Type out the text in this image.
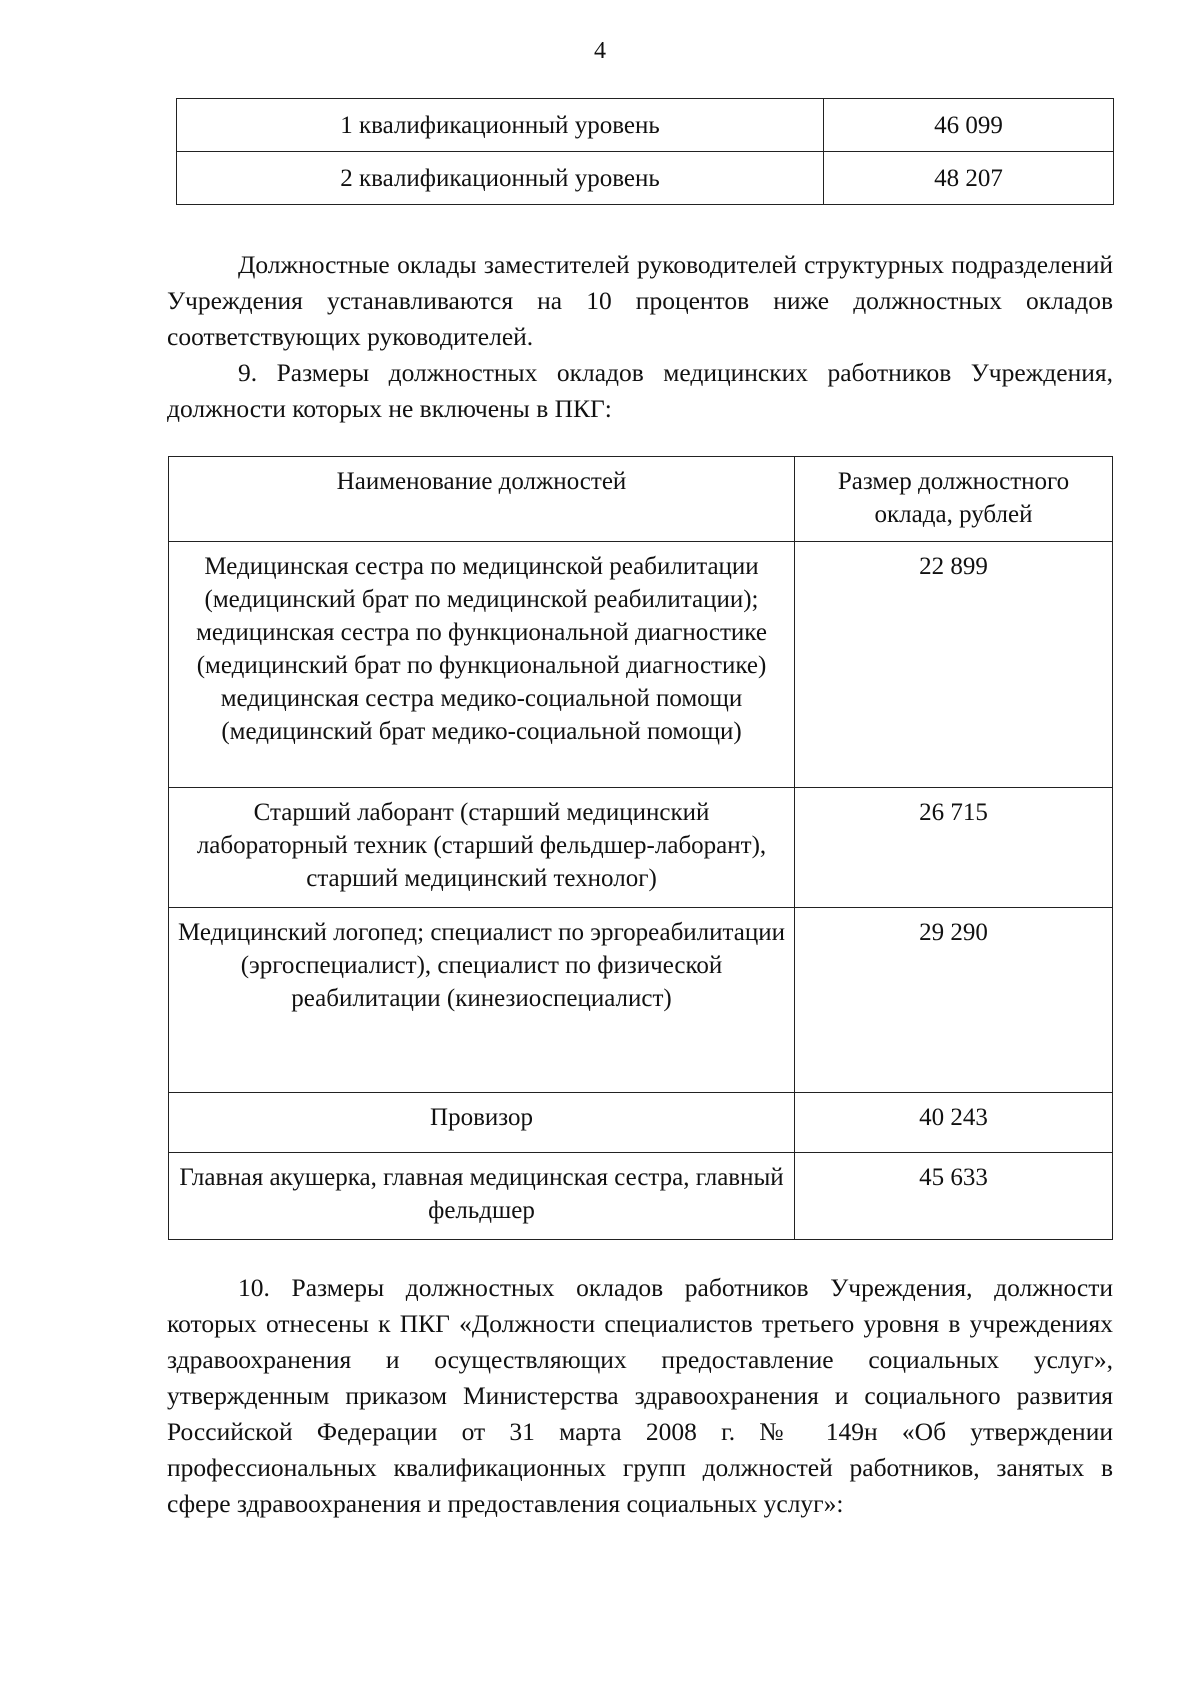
4
1 квалификационный уровень	46 099
2 квалификационный уровень	48 207

Должностные оклады заместителей руководителей структурных подразделений Учреждения устанавливаются на 10 процентов ниже должностных окладов соответствующих руководителей.

9. Размеры должностных окладов медицинских работников Учреждения, должности которых не включены в ПКГ:

Наименование должностей	Размер должностного оклада, рублей
Медицинская сестра по медицинской реабилитации (медицинский брат по медицинской реабилитации); медицинская сестра по функциональной диагностике (медицинский брат по функциональной диагностике) медицинская сестра медико-социальной помощи (медицинский брат медико-социальной помощи)	22 899
Старший лаборант (старший медицинский лабораторный техник (старший фельдшер-лаборант), старший медицинский технолог)	26 715
Медицинский логопед; специалист по эргореабилитации (эргоспециалист), специалист по физической реабилитации (кинезиоспециалист)	29 290
Провизор	40 243
Главная акушерка, главная медицинская сестра, главный фельдшер	45 633

10. Размеры должностных окладов работников Учреждения, должности которых отнесены к ПКГ «Должности специалистов третьего уровня в учреждениях здравоохранения и осуществляющих предоставление социальных услуг», утвержденным приказом Министерства здравоохранения и социального развития Российской Федерации от 31 марта 2008 г. № 149н «Об утверждении профессиональных квалификационных групп должностей работников, занятых в сфере здравоохранения и предоставления социальных услуг»:
